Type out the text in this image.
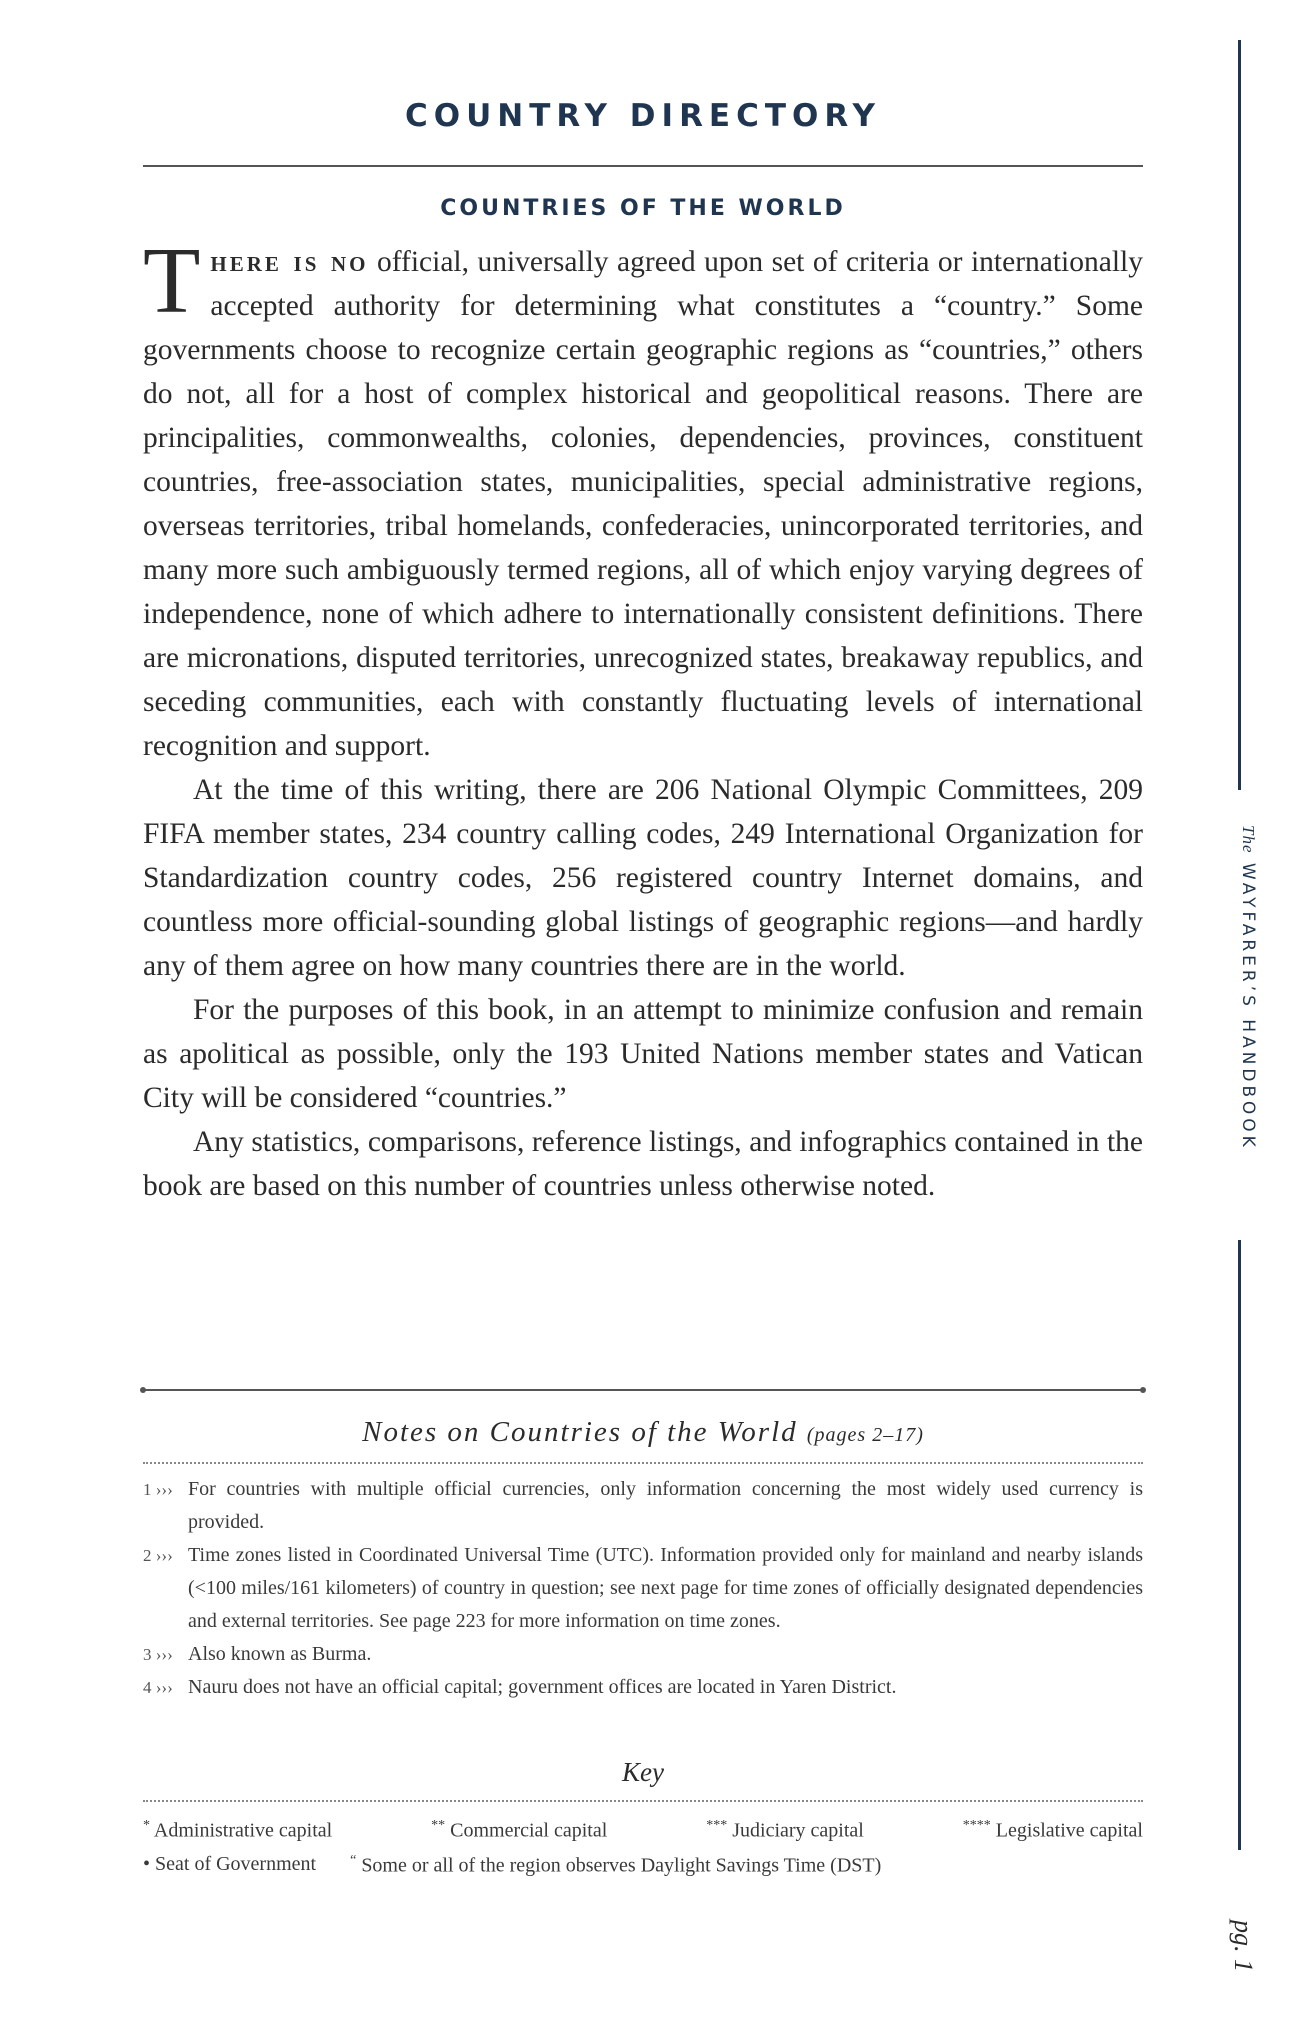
COUNTRY DIRECTORY
COUNTRIES OF THE WORLD

There is no official, universally agreed upon set of criteria or internationally accepted authority for determining what constitutes a “country.” Some governments choose to recognize certain geographic regions as “countries,” others do not, all for a host of complex historical and geopolitical reasons. There are principalities, commonwealths, colonies, dependencies, provinces, constituent countries, free-association states, municipalities, special administrative regions, overseas territories, tribal homelands, confederacies, unincorporated territories, and many more such ambiguously termed regions, all of which enjoy varying degrees of independence, none of which adhere to internationally consistent definitions. There are micronations, disputed territories, unrecognized states, breakaway republics, and seceding communities, each with constantly fluctuating levels of international recognition and support.

At the time of this writing, there are 206 National Olympic Committees, 209 FIFA member states, 234 country calling codes, 249 International Organization for Standardization country codes, 256 registered country Internet domains, and countless more official-sounding global listings of geographic regions—and hardly any of them agree on how many countries there are in the world.

For the purposes of this book, in an attempt to minimize confusion and remain as apolitical as possible, only the 193 United Nations member states and Vatican City will be considered “countries.”

Any statistics, comparisons, reference listings, and infographics contained in the book are based on this number of countries unless otherwise noted.

Notes on Countries of the World (pages 2–17)
1 ››› For countries with multiple official currencies, only information concerning the most widely used currency is provided.
2 ››› Time zones listed in Coordinated Universal Time (UTC). Information provided only for mainland and nearby islands (<100 miles/161 kilometers) of country in question; see next page for time zones of officially designated dependencies and external territories. See page 223 for more information on time zones.
3 ››› Also known as Burma.
4 ››› Nauru does not have an official capital; government offices are located in Yaren District.
Key
* Administrative capital	** Commercial capital	*** Judiciary capital	**** Legislative capital
• Seat of Government “ Some or all of the region observes Daylight Savings Time (DST)
The WAYFARER’S HANDBOOK
pg. 1
